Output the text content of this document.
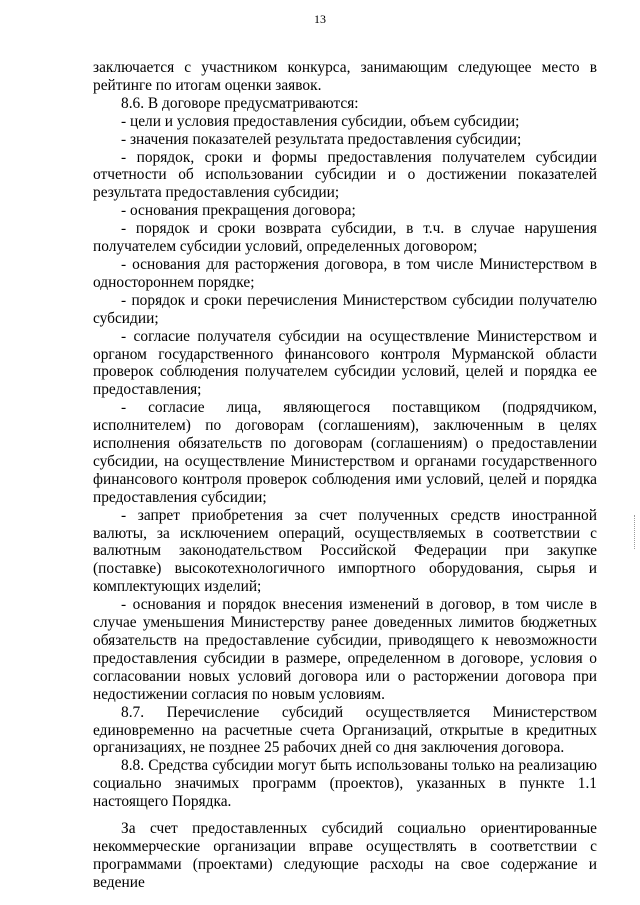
13

заключается с участником конкурса, занимающим следующее место в рейтинге по итогам оценки заявок.

8.6. В договоре предусматриваются:

- цели и условия предоставления субсидии, объем субсидии;

- значения показателей результата предоставления субсидии;

- порядок, сроки и формы предоставления получателем субсидии отчетности об использовании субсидии и о достижении показателей результата предоставления субсидии;

- основания прекращения договора;

- порядок и сроки возврата субсидии, в т.ч. в случае нарушения получателем субсидии условий, определенных договором;

- основания для расторжения договора, в том числе Министерством в одностороннем порядке;

- порядок и сроки перечисления Министерством субсидии получателю субсидии;

- согласие получателя субсидии на осуществление Министерством и органом государственного финансового контроля Мурманской области проверок соблюдения получателем субсидии условий, целей и порядка ее предоставления;

- согласие лица, являющегося поставщиком (подрядчиком, исполнителем) по договорам (соглашениям), заключенным в целях исполнения обязательств по договорам (соглашениям) о предоставлении субсидии, на осуществление Министерством и органами государственного финансового контроля проверок соблюдения ими условий, целей и порядка предоставления субсидии;

- запрет приобретения за счет полученных средств иностранной валюты, за исключением операций, осуществляемых в соответствии с валютным законодательством Российской Федерации при закупке (поставке) высокотехнологичного импортного оборудования, сырья и комплектующих изделий;

- основания и порядок внесения изменений в договор, в том числе в случае уменьшения Министерству ранее доведенных лимитов бюджетных обязательств на предоставление субсидии, приводящего к невозможности предоставления субсидии в размере, определенном в договоре, условия о согласовании новых условий договора или о расторжении договора при недостижении согласия по новым условиям.

8.7. Перечисление субсидий осуществляется Министерством единовременно на расчетные счета Организаций, открытые в кредитных организациях, не позднее 25 рабочих дней со дня заключения договора.

8.8. Средства субсидии могут быть использованы только на реализацию социально значимых программ (проектов), указанных в пункте 1.1 настоящего Порядка.

За счет предоставленных субсидий социально ориентированные некоммерческие организации вправе осуществлять в соответствии с программами (проектами) следующие расходы на свое содержание и ведение
